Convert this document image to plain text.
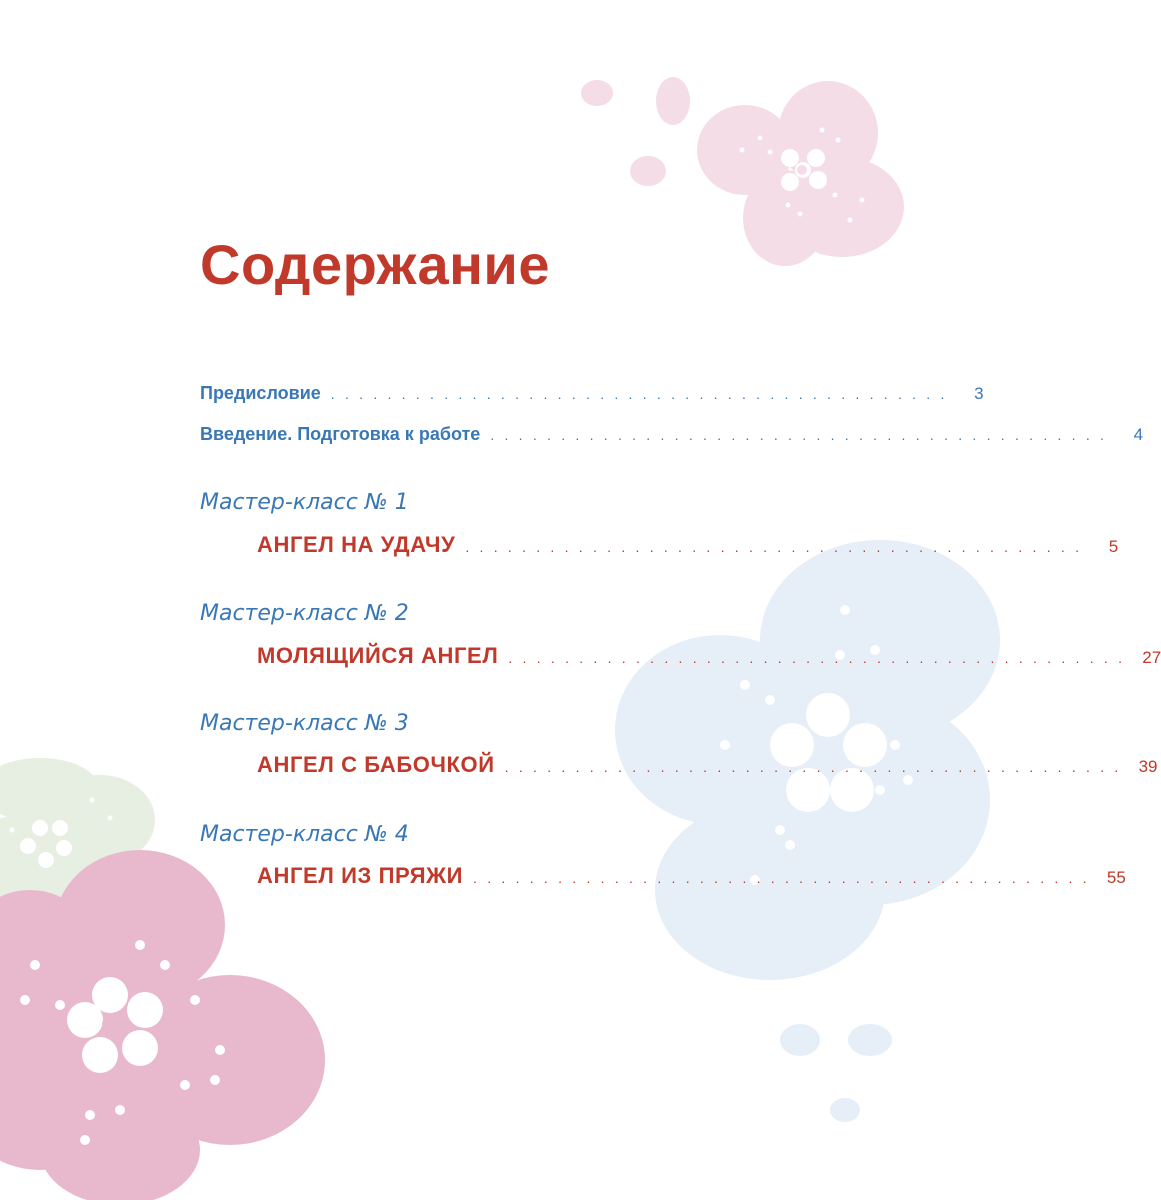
Содержание
Предисловие . . . . . . . . . . . . . . . . . . . . . . . . . . . . . . . . . . . . . . . . . . . .	3
Введение. Подготовка к работе . . . . . . . . . . . . . . . . . . . . . . . . . . . . . . . . . . . . . . . . . . . .	4
Мастер-класс № 1
АНГЕЛ НА УДАЧУ . . . . . . . . . . . . . . . . . . . . . . . . . . . . . . . . . . . . . . . . . . . .	5
Мастер-класс № 2
МОЛЯЩИЙСЯ АНГЕЛ . . . . . . . . . . . . . . . . . . . . . . . . . . . . . . . . . . . . . . . . . . . .	27
Мастер-класс № 3
АНГЕЛ С БАБОЧКОЙ . . . . . . . . . . . . . . . . . . . . . . . . . . . . . . . . . . . . . . . . . . . .	39
Мастер-класс № 4
АНГЕЛ ИЗ ПРЯЖИ . . . . . . . . . . . . . . . . . . . . . . . . . . . . . . . . . . . . . . . . . . . .	55
